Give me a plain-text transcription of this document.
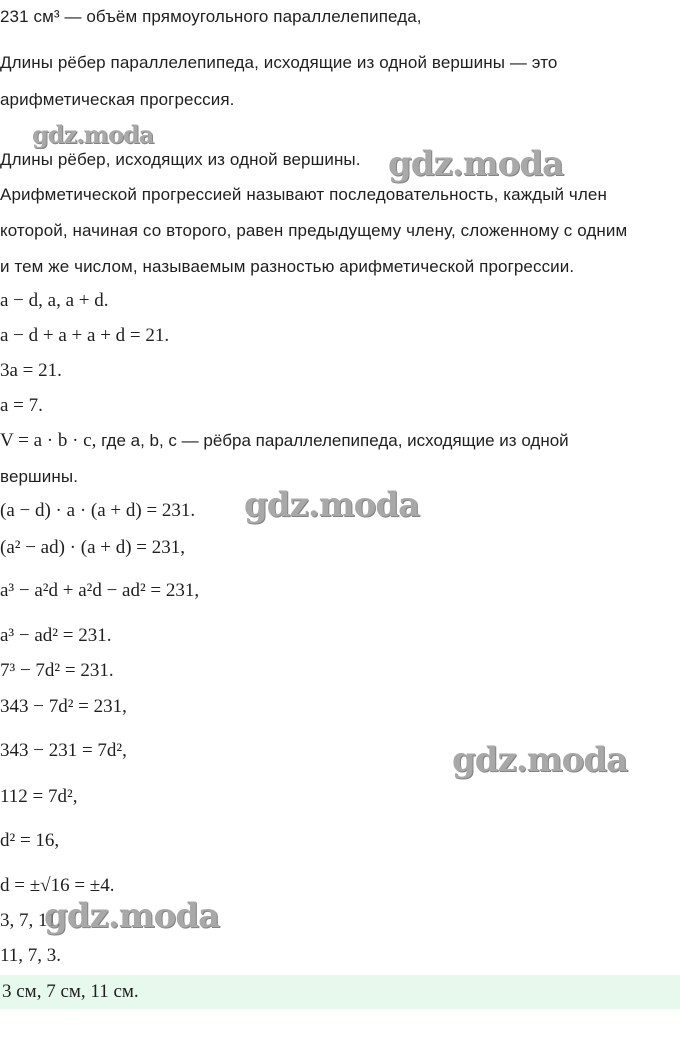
231 см³ — объём прямоугольного параллелепипеда,
Длины рёбер параллелепипеда, исходящие из одной вершины — это
арифметическая прогрессия.
Длины рёбер, исходящих из одной вершины.
Арифметической прогрессией называют последовательность, каждый член
которой, начиная со второго, равен предыдущему члену, сложенному с одним
и тем же числом, называемым разностью арифметической прогрессии.
a − d, a, a + d.
a − d + a + a + d = 21.
3a = 21.
a = 7.
V = a · b · c, где a, b, c — рёбра параллелепипеда, исходящие из одной
вершины.
(a − d) · a · (a + d) = 231.
(a² − ad) · (a + d) = 231,
a³ − a²d + a²d − ad² = 231,
a³ − ad² = 231.
7³ − 7d² = 231.
343 − 7d² = 231,
343 − 231 = 7d²,
112 = 7d²,
d² = 16,
d = ±√16 = ±4.
3, 7, 11.
11, 7, 3.
3 см, 7 см, 11 см.
gdz.moda
gdz.moda
gdz.moda
gdz.moda
gdz.moda
